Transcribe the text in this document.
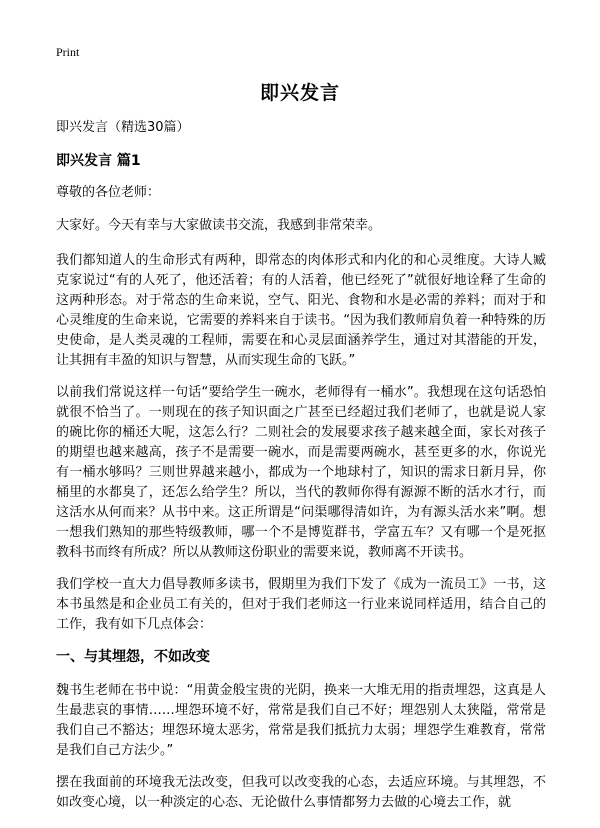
Print
即兴发言

即兴发言（精选30篇）

即兴发言 篇1

尊敬的各位老师：

大家好。今天有幸与大家做读书交流，我感到非常荣幸。

我们都知道人的生命形式有两种，即常态的肉体形式和内化的和心灵维度。大诗人臧克家说过“有的人死了，他还活着；有的人活着，他已经死了”就很好地诠释了生命的这两种形态。对于常态的生命来说，空气、阳光、食物和水是必需的养料；而对于和心灵维度的生命来说，它需要的养料来自于读书。“因为我们教师肩负着一种特殊的历史使命，是人类灵魂的工程师，需要在和心灵层面涵养学生，通过对其潜能的开发，让其拥有丰盈的知识与智慧，从而实现生命的飞跃。”

以前我们常说这样一句话“要给学生一碗水，老师得有一桶水”。我想现在这句话恐怕就很不恰当了。一则现在的孩子知识面之广甚至已经超过我们老师了，也就是说人家的碗比你的桶还大呢，这怎么行？二则社会的发展要求孩子越来越全面，家长对孩子的期望也越来越高，孩子不是需要一碗水，而是需要两碗水，甚至更多的水，你说光有一桶水够吗？三则世界越来越小，都成为一个地球村了，知识的需求日新月异，你桶里的水都臭了，还怎么给学生？所以，当代的教师你得有源源不断的活水才行，而这活水从何而来？从书中来。这正所谓是“问渠哪得清如许，为有源头活水来”啊。想一想我们熟知的那些特级教师，哪一个不是博览群书，学富五车？又有哪一个是死抠教科书而终有所成？所以从教师这份职业的需要来说，教师离不开读书。

我们学校一直大力倡导教师多读书，假期里为我们下发了《成为一流员工》一书，这本书虽然是和企业员工有关的，但对于我们老师这一行业来说同样适用，结合自己的工作，我有如下几点体会：

一、与其埋怨，不如改变

魏书生老师在书中说：“用黄金般宝贵的光阴，换来一大堆无用的指责埋怨，这真是人生最悲哀的事情……埋怨环境不好，常常是我们自己不好；埋怨别人太狭隘，常常是我们自己不豁达；埋怨环境太恶劣，常常是我们抵抗力太弱；埋怨学生难教育，常常是我们自己方法少。”

摆在我面前的环境我无法改变，但我可以改变我的心态，去适应环境。与其埋怨，不如改变心境，以一种淡定的心态、无论做什么事情都努力去做的心境去工作，就
